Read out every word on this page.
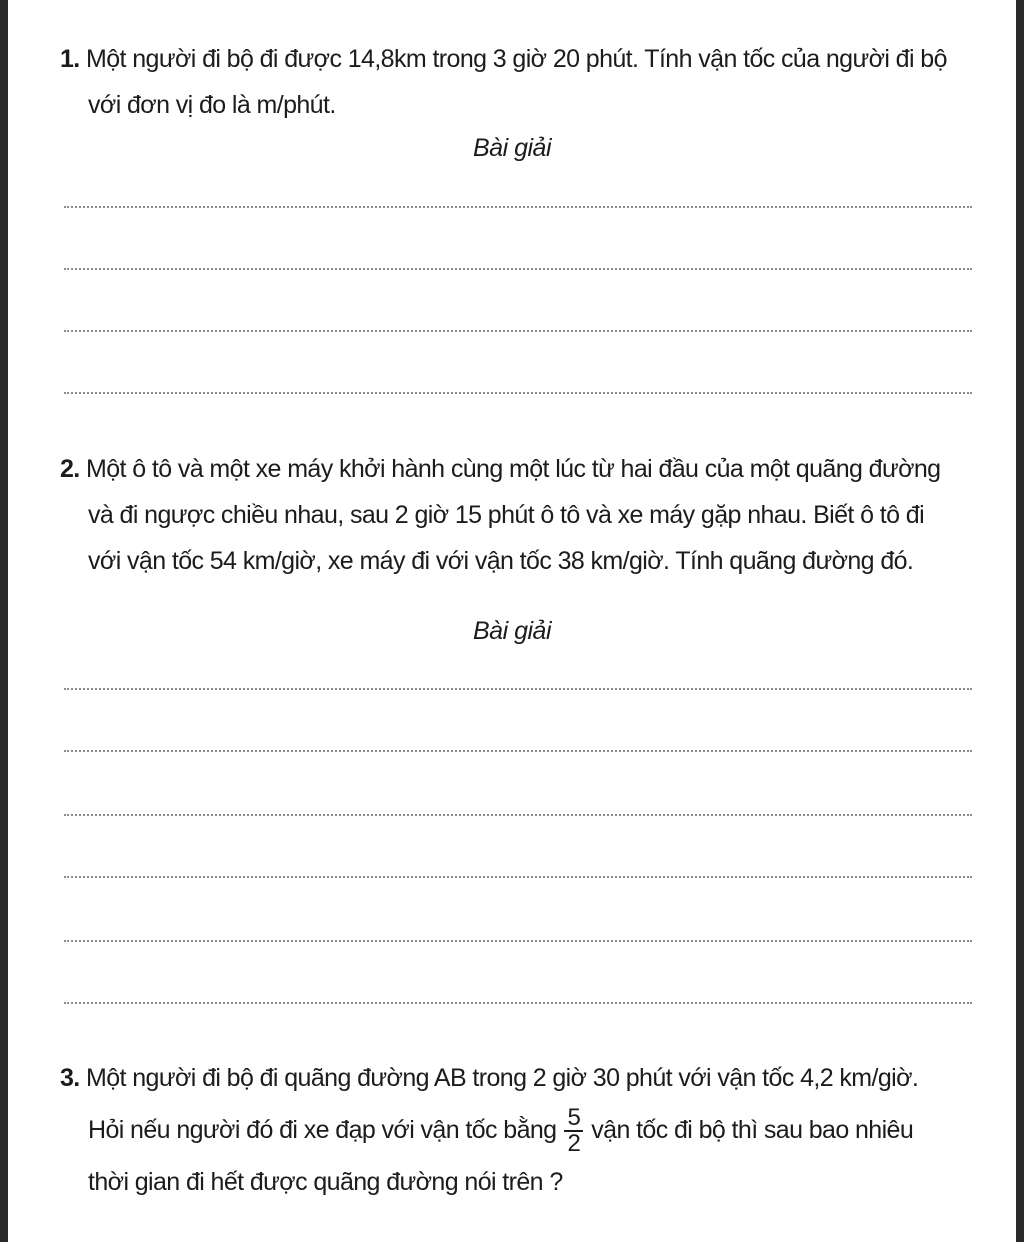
1. Một người đi bộ đi được 14,8km trong 3 giờ 20 phút. Tính vận tốc của người đi bộ
với đơn vị đo là m/phút.
Bài giải
2. Một ô tô và một xe máy khởi hành cùng một lúc từ hai đầu của một quãng đường
và đi ngược chiều nhau, sau 2 giờ 15 phút ô tô và xe máy gặp nhau. Biết ô tô đi
với vận tốc 54 km/giờ, xe máy đi với vận tốc 38 km/giờ. Tính quãng đường đó.
Bài giải
3. Một người đi bộ đi quãng đường AB trong 2 giờ 30 phút với vận tốc 4,2 km/giờ.
Hỏi nếu người đó đi xe đạp với vận tốc bằng $\frac{5}{2}$ vận tốc đi bộ thì sau bao nhiêu
thời gian đi hết được quãng đường nói trên ?
